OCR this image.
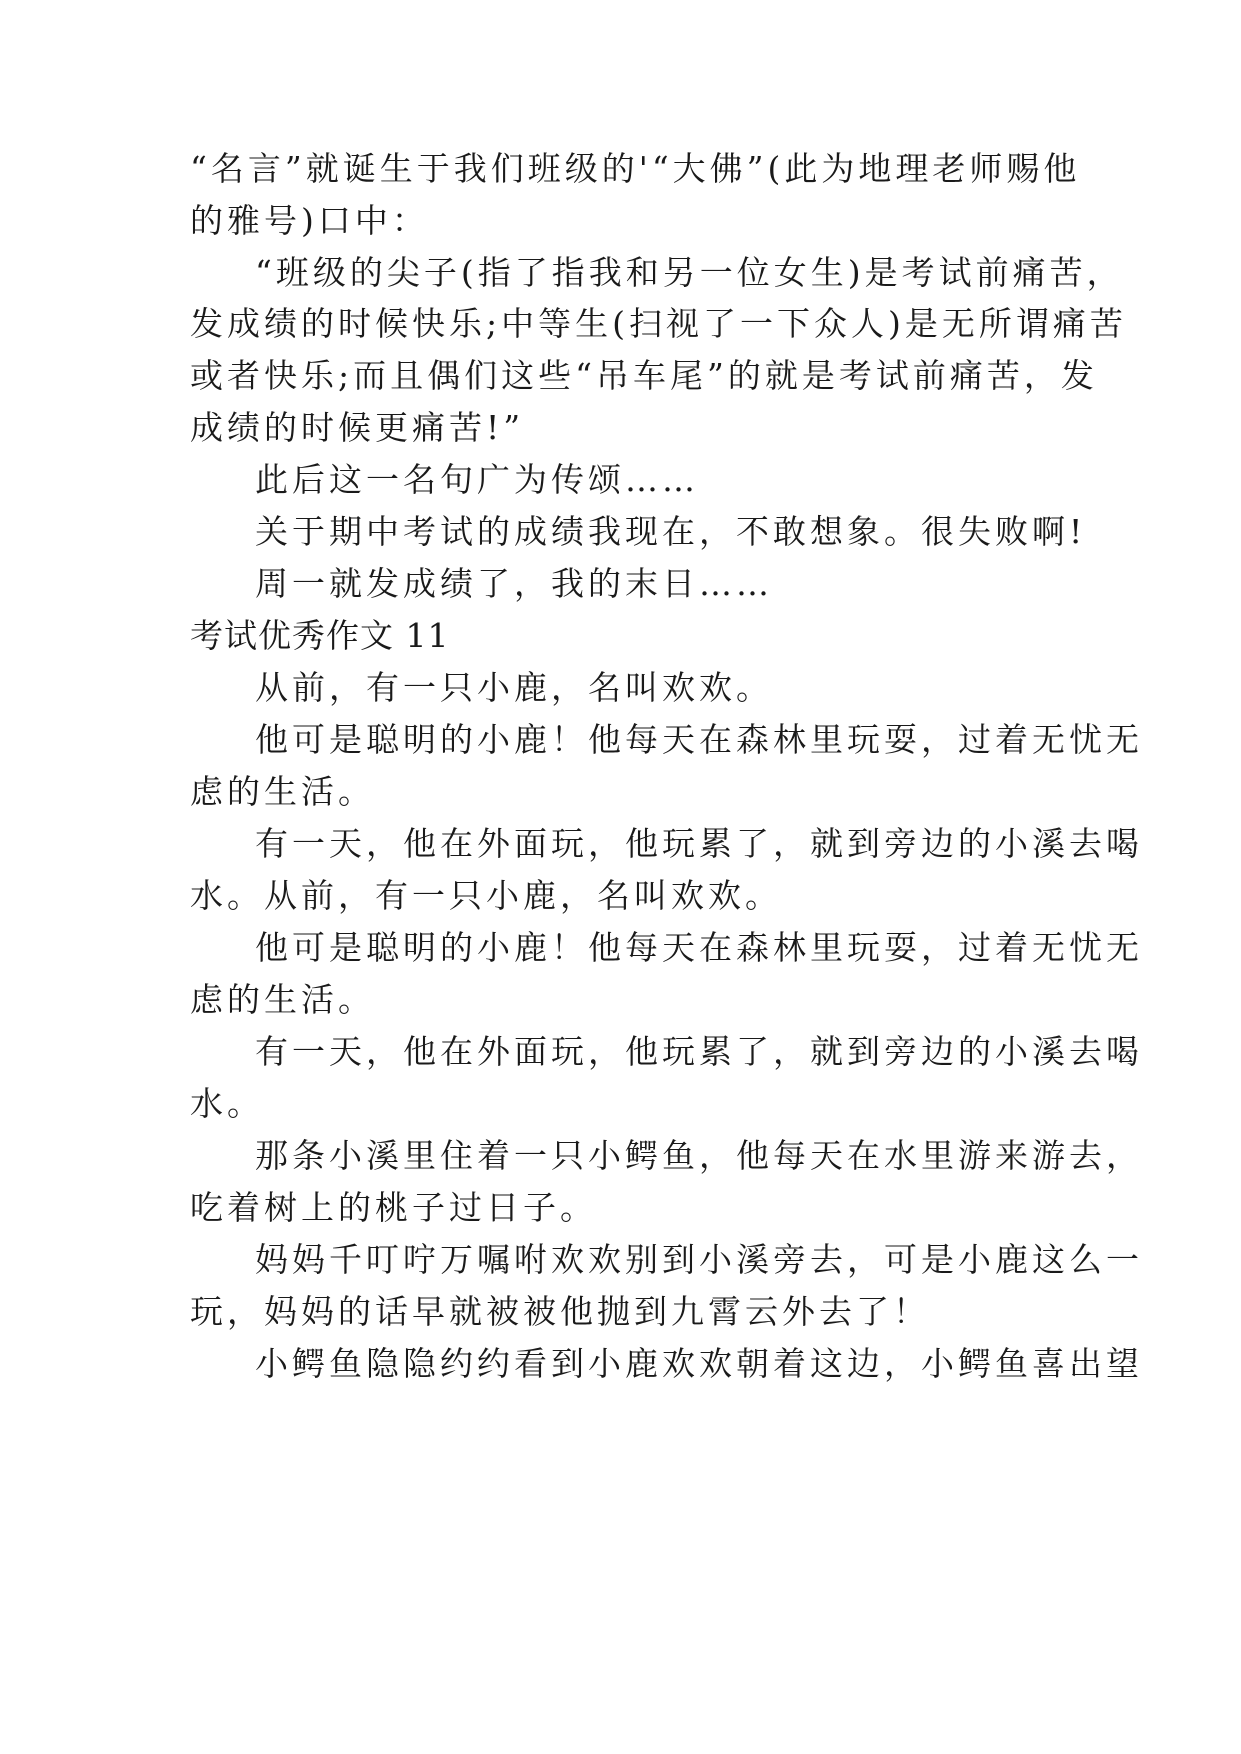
“名言”就诞生于我们班级的'“大佛”(此为地理老师赐他
的雅号)口中：
“班级的尖子(指了指我和另一位女生)是考试前痛苦，
发成绩的时候快乐;中等生(扫视了一下众人)是无所谓痛苦
或者快乐;而且偶们这些“吊车尾”的就是考试前痛苦，发
成绩的时候更痛苦!”
此后这一名句广为传颂……
关于期中考试的成绩我现在，不敢想象。很失败啊!
周一就发成绩了，我的末日……
考试优秀作文 11
从前，有一只小鹿，名叫欢欢。
他可是聪明的小鹿！他每天在森林里玩耍，过着无忧无
虑的生活。
有一天，他在外面玩，他玩累了，就到旁边的小溪去喝
水。从前，有一只小鹿，名叫欢欢。
他可是聪明的小鹿！他每天在森林里玩耍，过着无忧无
虑的生活。
有一天，他在外面玩，他玩累了，就到旁边的小溪去喝
水。
那条小溪里住着一只小鳄鱼，他每天在水里游来游去，
吃着树上的桃子过日子。
妈妈千叮咛万嘱咐欢欢别到小溪旁去，可是小鹿这么一
玩，妈妈的话早就被被他抛到九霄云外去了！
小鳄鱼隐隐约约看到小鹿欢欢朝着这边，小鳄鱼喜出望
